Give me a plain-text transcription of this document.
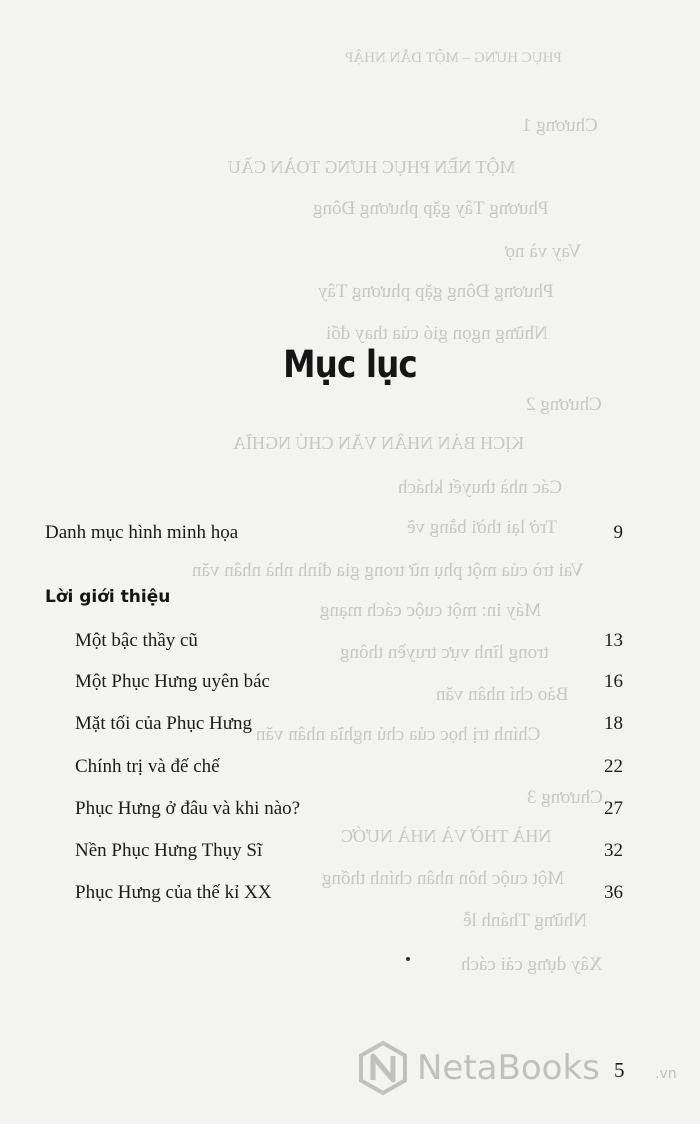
PHỤC HƯNG – MỘT DẪN NHẬP
Chương 1
MỘT NỀN PHỤC HƯNG TOÀN CẦU
Phương Tây gặp phương Đông
Vay và nợ
Phương Đông gặp phương Tây
Những ngọn gió của thay đổi
Chương 2
KỊCH BẢN NHÂN VĂN CHỦ NGHĨA
Các nhà thuyết khách
Trở lại thời bằng vẽ
Vai trò của một phụ nữ trong gia đình nhà nhân văn
Máy in: một cuộc cách mạng
trong lĩnh vực truyền thông
Bảo chí nhân văn
Chính trị học của chủ nghĩa nhân văn
Chương 3
NHÀ THỜ VÀ NHÀ NƯỚC
Một cuộc hôn nhân chính thống
Những Thánh lễ
Xây dựng cải cách
Mục lục
Danh mục hình minh họa	9
Lời giới thiệu
Một bậc thầy cũ	13
Một Phục Hưng uyên bác	16
Mặt tối của Phục Hưng	18
Chính trị và đế chế	22
Phục Hưng ở đâu và khi nào?	27
Nền Phục Hưng Thụy Sĩ	32
Phục Hưng của thế kỉ XX	36
NetaBooks	.vn
5
